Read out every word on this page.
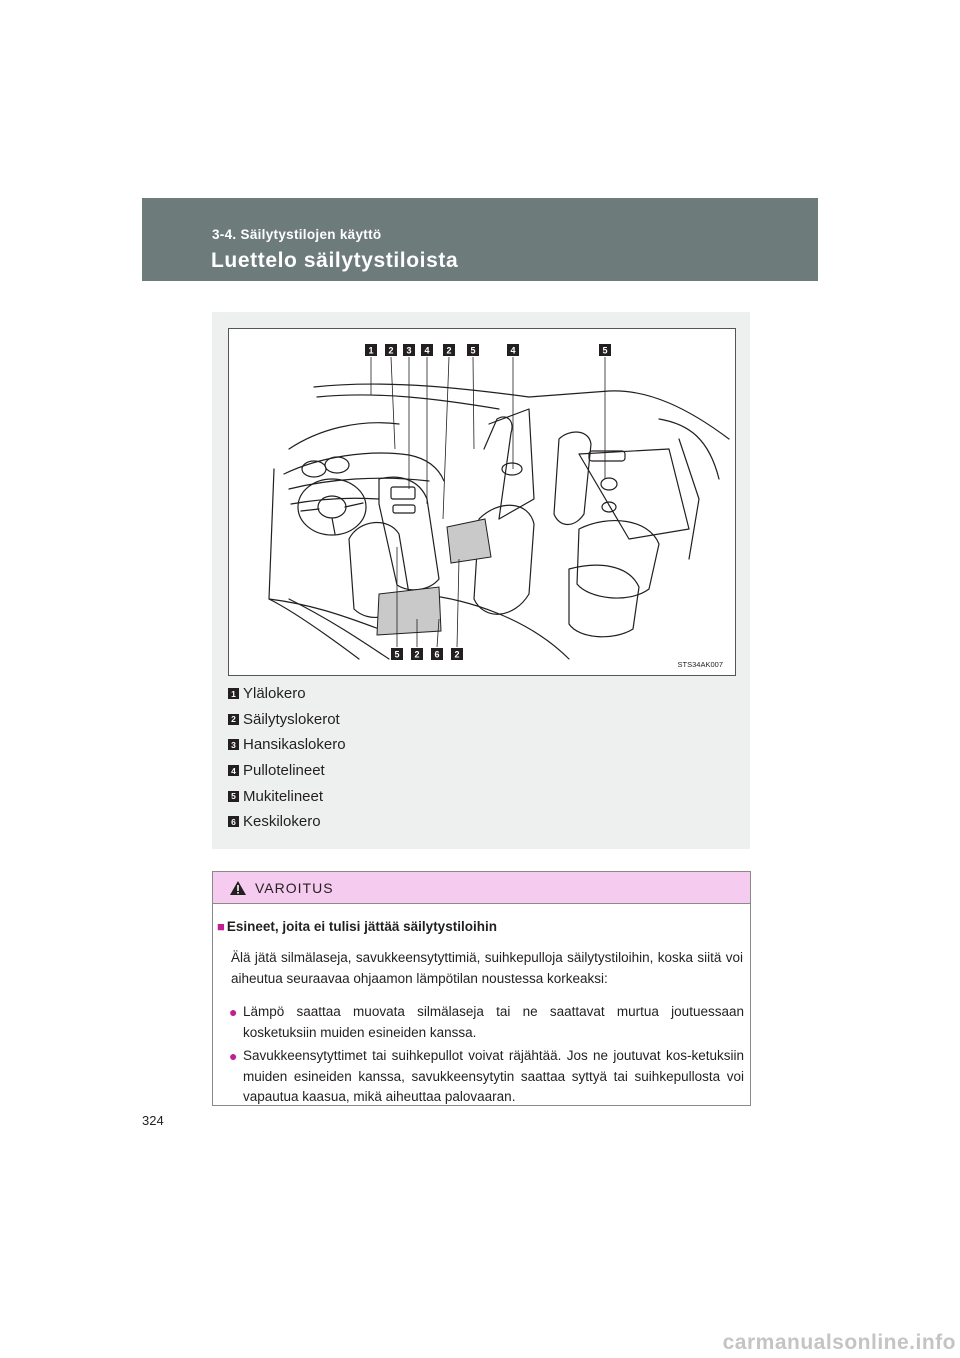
3-4. Säilytystilojen käyttö
Luettelo säilytystiloista
1 2 3 4 2 5	4	5
5 2 6 2
STS34AK007
1 Ylälokero
2 Säilytyslokerot
3 Hansikaslokero
4 Pullotelineet
5 Mukitelineet
6 Keskilokero
VAROITUS
■ Esineet, joita ei tulisi jättää säilytystiloihin
Älä jätä silmälaseja, savukkeensytyttimiä, suihkepulloja säilytystiloihin, koska siitä voi aiheutua seuraavaa ohjaamon lämpötilan noustessa korkeaksi:
● Lämpö saattaa muovata silmälaseja tai ne saattavat murtua joutuessaan kosketuksiin muiden esineiden kanssa.
● Savukkeensytyttimet tai suihkepullot voivat räjähtää. Jos ne joutuvat kos-ketuksiin muiden esineiden kanssa, savukkeensytytin saattaa syttyä tai suihkepullosta voi vapautua kaasua, mikä aiheuttaa palovaaran.
324
carmanualsonline.info
